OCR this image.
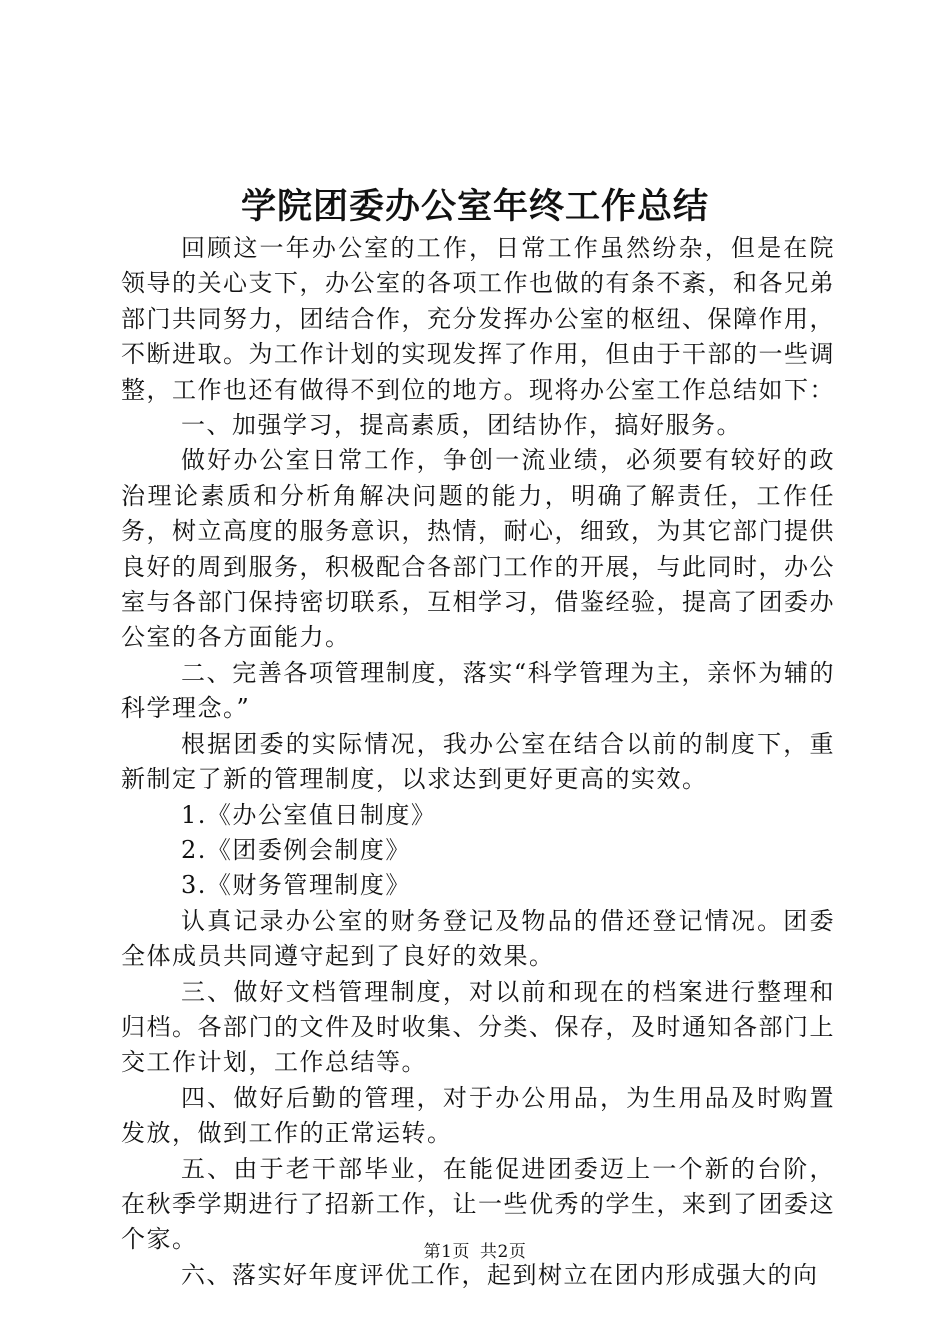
学院团委办公室年终工作总结

回顾这一年办公室的工作，日常工作虽然纷杂，但是在院领导的关心支下，办公室的各项工作也做的有条不紊，和各兄弟部门共同努力，团结合作，充分发挥办公室的枢纽、保障作用，不断进取。为工作计划的实现发挥了作用，但由于干部的一些调整，工作也还有做得不到位的地方。现将办公室工作总结如下：

一、加强学习，提高素质，团结协作，搞好服务。

做好办公室日常工作，争创一流业绩，必须要有较好的政治理论素质和分析角解决问题的能力，明确了解责任，工作任务，树立高度的服务意识，热情，耐心，细致，为其它部门提供良好的周到服务，积极配合各部门工作的开展，与此同时，办公室与各部门保持密切联系，互相学习，借鉴经验，提高了团委办公室的各方面能力。

二、完善各项管理制度，落实“科学管理为主，亲怀为辅的科学理念。”

根据团委的实际情况，我办公室在结合以前的制度下，重新制定了新的管理制度，以求达到更好更高的实效。

1.《办公室值日制度》

2.《团委例会制度》

3.《财务管理制度》

认真记录办公室的财务登记及物品的借还登记情况。团委全体成员共同遵守起到了良好的效果。

三、做好文档管理制度，对以前和现在的档案进行整理和归档。各部门的文件及时收集、分类、保存，及时通知各部门上交工作计划，工作总结等。

四、做好后勤的管理，对于办公用品，为生用品及时购置发放，做到工作的正常运转。

五、由于老干部毕业，在能促进团委迈上一个新的台阶，在秋季学期进行了招新工作，让一些优秀的学生，来到了团委这个家。

六、落实好年度评优工作，起到树立在团内形成强大的向

第1页 共2页
